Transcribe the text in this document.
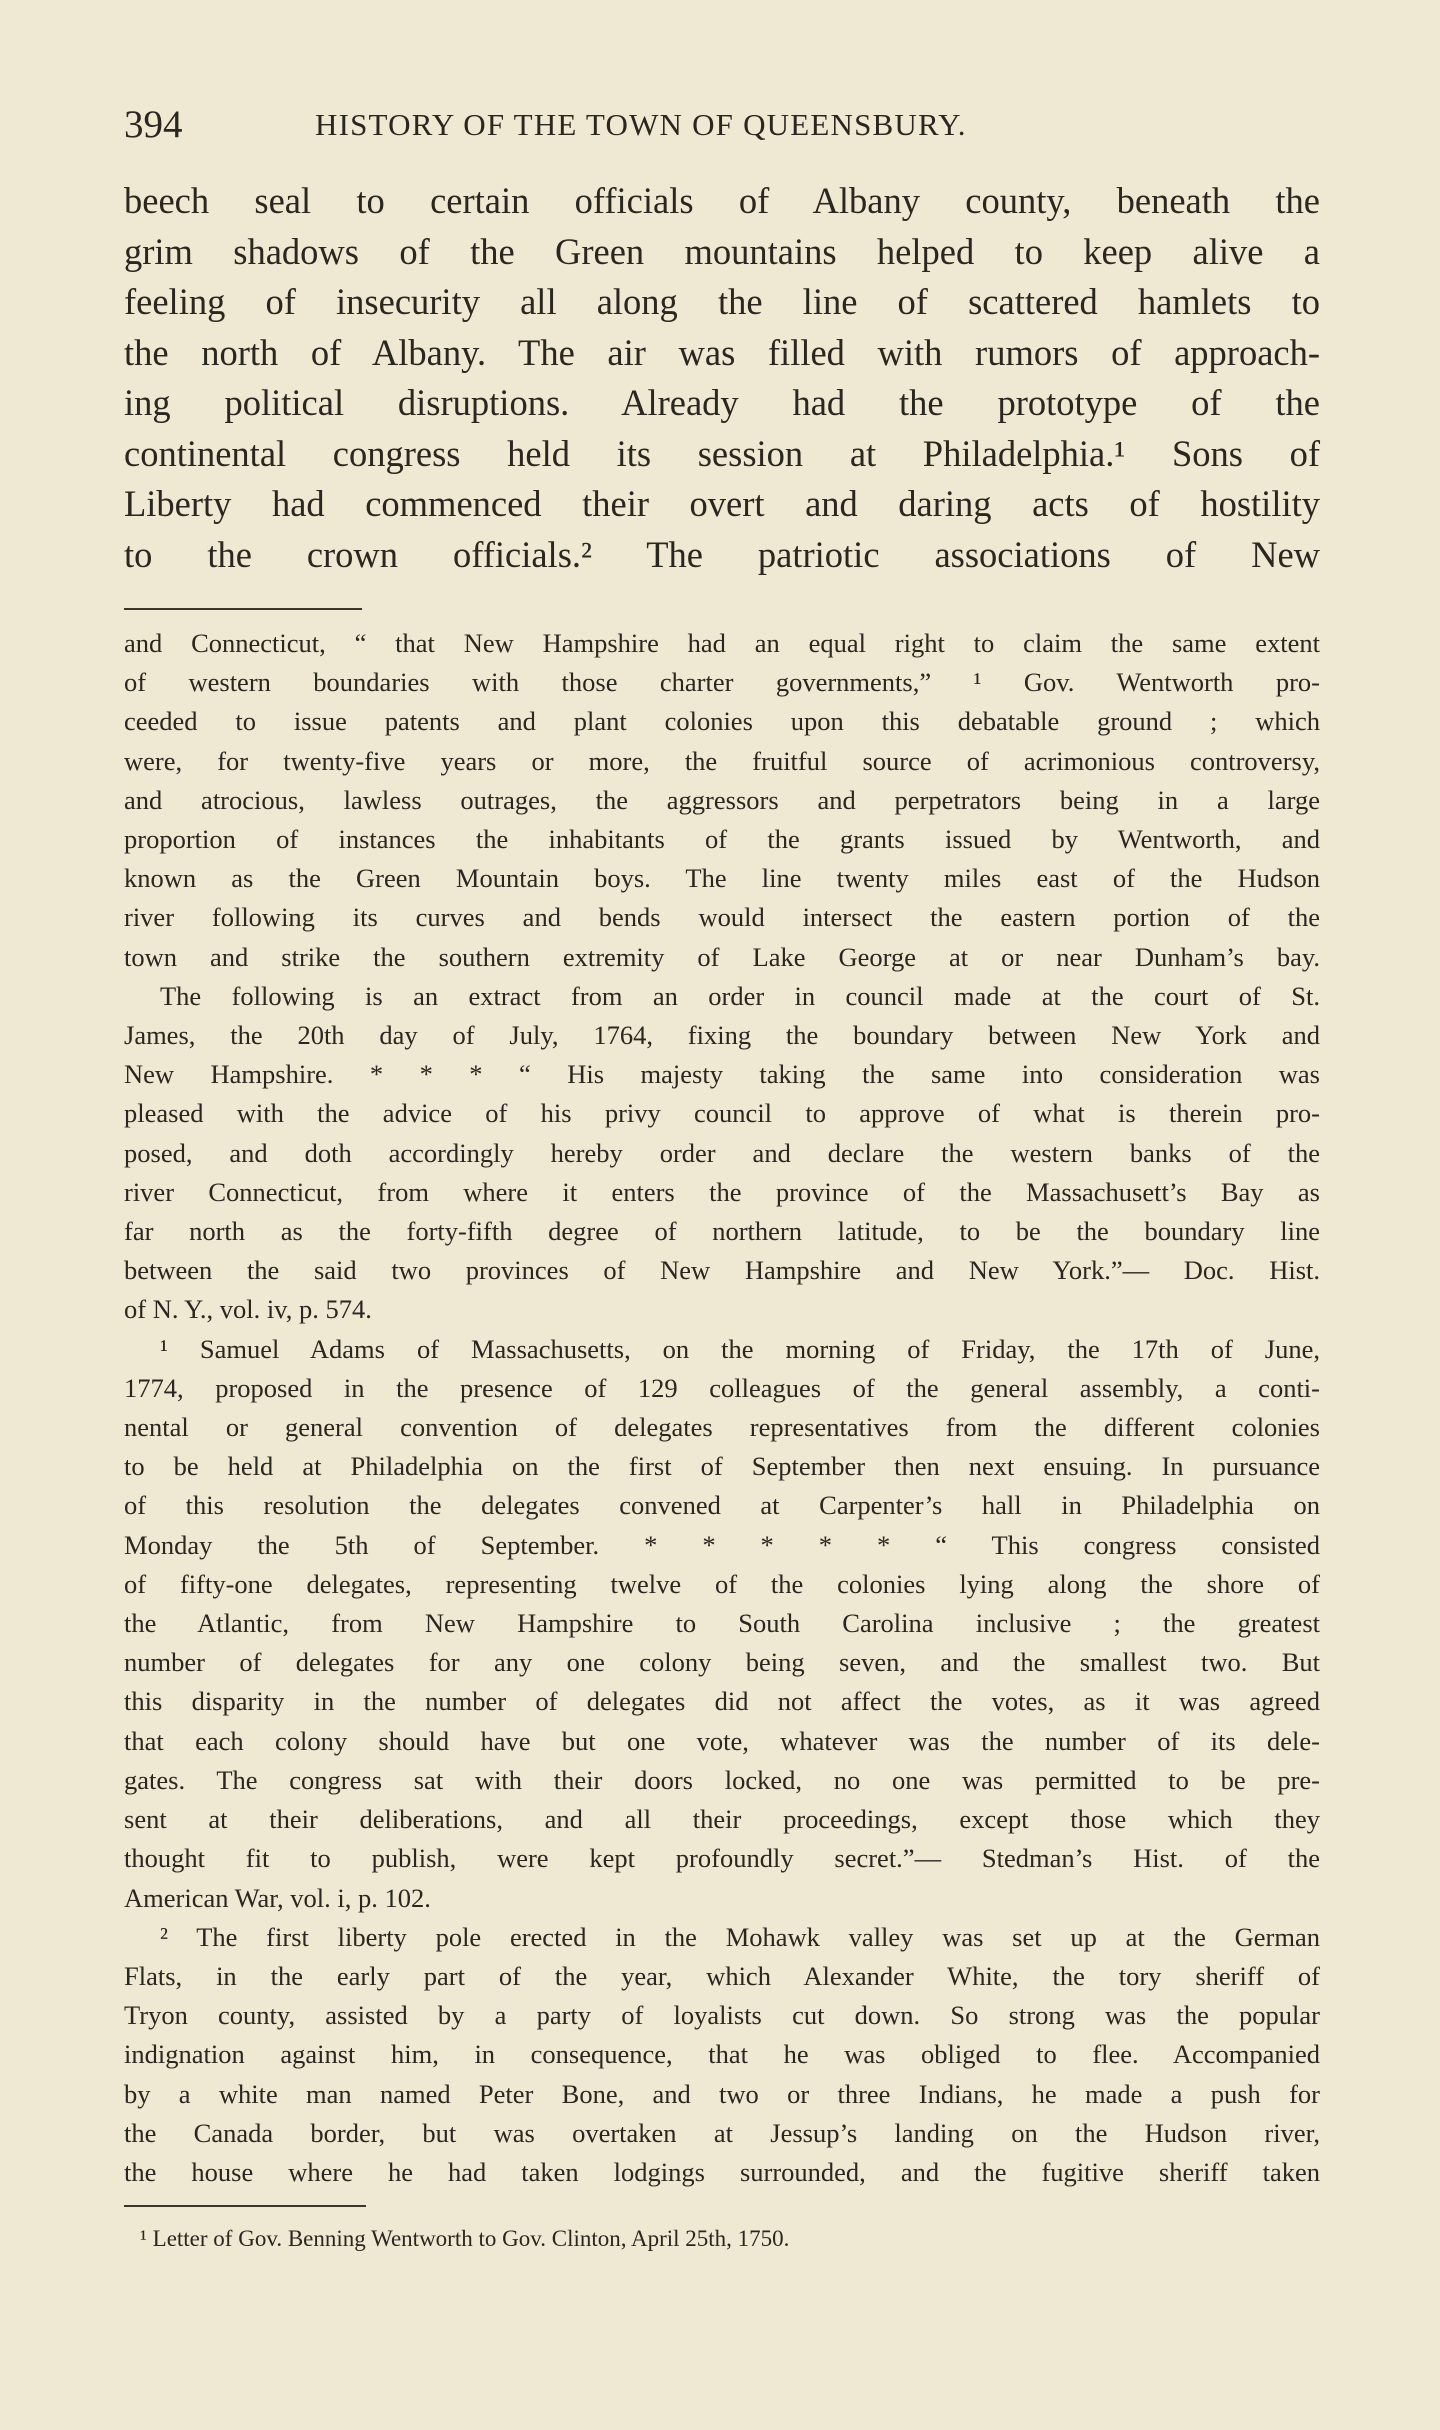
394	HISTORY OF THE TOWN OF QUEENSBURY.
beech seal to certain officials of Albany county, beneath the
grim shadows of the Green mountains helped to keep alive a
feeling of insecurity all along the line of scattered hamlets to
the north of Albany. The air was filled with rumors of approach-
ing political disruptions. Already had the prototype of the
continental congress held its session at Philadelphia.¹ Sons of
Liberty had commenced their overt and daring acts of hostility
to the crown officials.² The patriotic associations of New
and Connecticut, “ that New Hampshire had an equal right to claim the same extent
of western boundaries with those charter governments,” ¹ Gov. Wentworth pro-
ceeded to issue patents and plant colonies upon this debatable ground ; which
were, for twenty-five years or more, the fruitful source of acrimonious controversy,
and atrocious, lawless outrages, the aggressors and perpetrators being in a large
proportion of instances the inhabitants of the grants issued by Wentworth, and
known as the Green Mountain boys. The line twenty miles east of the Hudson
river following its curves and bends would intersect the eastern portion of the
town and strike the southern extremity of Lake George at or near Dunham’s bay.
The following is an extract from an order in council made at the court of St.
James, the 20th day of July, 1764, fixing the boundary between New York and
New Hampshire. * * * “ His majesty taking the same into consideration was
pleased with the advice of his privy council to approve of what is therein pro-
posed, and doth accordingly hereby order and declare the western banks of the
river Connecticut, from where it enters the province of the Massachusett’s Bay as
far north as the forty-fifth degree of northern latitude, to be the boundary line
between the said two provinces of New Hampshire and New York.”— Doc. Hist.
of N. Y., vol. iv, p. 574.
¹ Samuel Adams of Massachusetts, on the morning of Friday, the 17th of June,
1774, proposed in the presence of 129 colleagues of the general assembly, a conti-
nental or general convention of delegates representatives from the different colonies
to be held at Philadelphia on the first of September then next ensuing. In pursuance
of this resolution the delegates convened at Carpenter’s hall in Philadelphia on
Monday the 5th of September. * * * * * “ This congress consisted
of fifty-one delegates, representing twelve of the colonies lying along the shore of
the Atlantic, from New Hampshire to South Carolina inclusive ; the greatest
number of delegates for any one colony being seven, and the smallest two. But
this disparity in the number of delegates did not affect the votes, as it was agreed
that each colony should have but one vote, whatever was the number of its dele-
gates. The congress sat with their doors locked, no one was permitted to be pre-
sent at their deliberations, and all their proceedings, except those which they
thought fit to publish, were kept profoundly secret.”— Stedman’s Hist. of the
American War, vol. i, p. 102.
² The first liberty pole erected in the Mohawk valley was set up at the German
Flats, in the early part of the year, which Alexander White, the tory sheriff of
Tryon county, assisted by a party of loyalists cut down. So strong was the popular
indignation against him, in consequence, that he was obliged to flee. Accompanied
by a white man named Peter Bone, and two or three Indians, he made a push for
the Canada border, but was overtaken at Jessup’s landing on the Hudson river,
the house where he had taken lodgings surrounded, and the fugitive sheriff taken
¹ Letter of Gov. Benning Wentworth to Gov. Clinton, April 25th, 1750.
